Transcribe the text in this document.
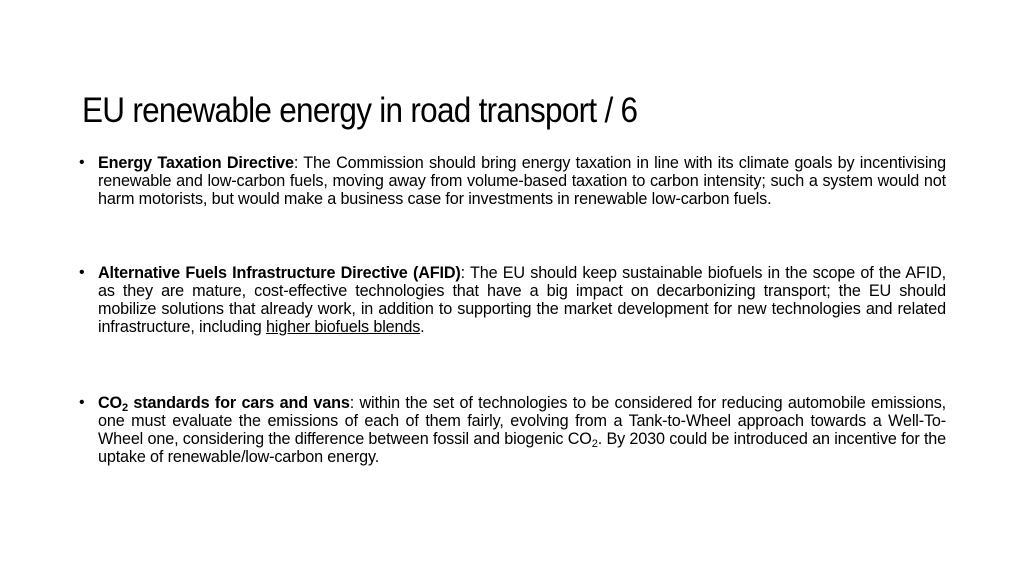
EU renewable energy in road transport / 6
• Energy Taxation Directive: The Commission should bring energy taxation in line with its climate goals by incentivising renewable and low-carbon fuels, moving away from volume-based taxation to carbon intensity; such a system would not harm motorists, but would make a business case for investments in renewable low-carbon fuels.
• Alternative Fuels Infrastructure Directive (AFID): The EU should keep sustainable biofuels in the scope of the AFID, as they are mature, cost-effective technologies that have a big impact on decarbonizing transport; the EU should mobilize solutions that already work, in addition to supporting the market development for new technologies and related infrastructure, including higher biofuels blends.
• $CO_2$ standards for cars and vans: within the set of technologies to be considered for reducing automobile emissions, one must evaluate the emissions of each of them fairly, evolving from a Tank-to-Wheel approach towards a Well-To-Wheel one, considering the difference between fossil and biogenic $CO_2$. By 2030 could be introduced an incentive for the uptake of renewable/low-carbon energy.
